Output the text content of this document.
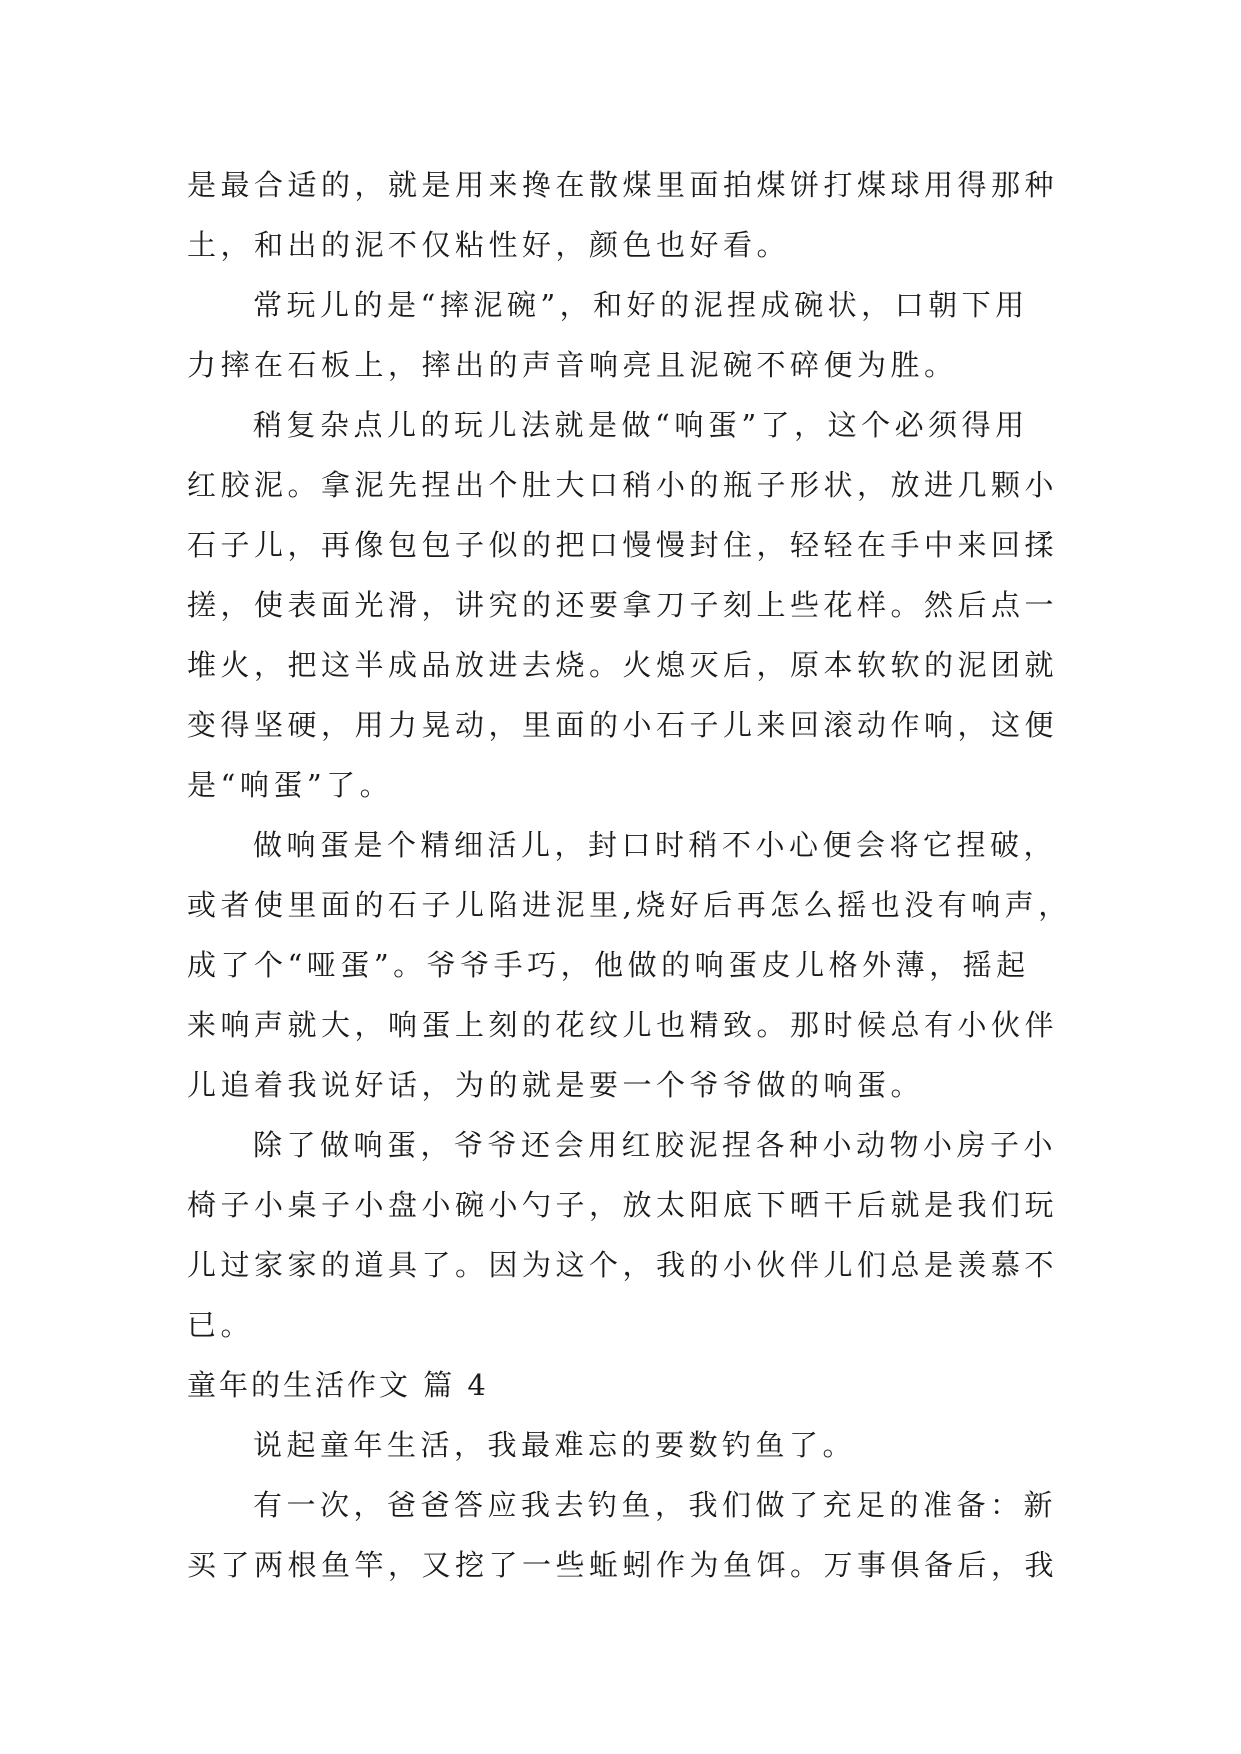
是最合适的，就是用来搀在散煤里面拍煤饼打煤球用得那种
土，和出的泥不仅粘性好，颜色也好看。
常玩儿的是“摔泥碗”，和好的泥捏成碗状，口朝下用
力摔在石板上，摔出的声音响亮且泥碗不碎便为胜。
稍复杂点儿的玩儿法就是做“响蛋”了，这个必须得用
红胶泥。拿泥先捏出个肚大口稍小的瓶子形状，放进几颗小
石子儿，再像包包子似的把口慢慢封住，轻轻在手中来回揉
搓，使表面光滑，讲究的还要拿刀子刻上些花样。然后点一
堆火，把这半成品放进去烧。火熄灭后，原本软软的泥团就
变得坚硬，用力晃动，里面的小石子儿来回滚动作响，这便
是“响蛋”了。
做响蛋是个精细活儿，封口时稍不小心便会将它捏破，
或者使里面的石子儿陷进泥里,烧好后再怎么摇也没有响声，
成了个“哑蛋”。爷爷手巧，他做的响蛋皮儿格外薄，摇起
来响声就大，响蛋上刻的花纹儿也精致。那时候总有小伙伴
儿追着我说好话，为的就是要一个爷爷做的响蛋。
除了做响蛋，爷爷还会用红胶泥捏各种小动物小房子小
椅子小桌子小盘小碗小勺子，放太阳底下晒干后就是我们玩
儿过家家的道具了。因为这个，我的小伙伴儿们总是羡慕不
已。
童年的生活作文 篇 4
说起童年生活，我最难忘的要数钓鱼了。
有一次，爸爸答应我去钓鱼，我们做了充足的准备：新
买了两根鱼竿，又挖了一些蚯蚓作为鱼饵。万事俱备后，我
